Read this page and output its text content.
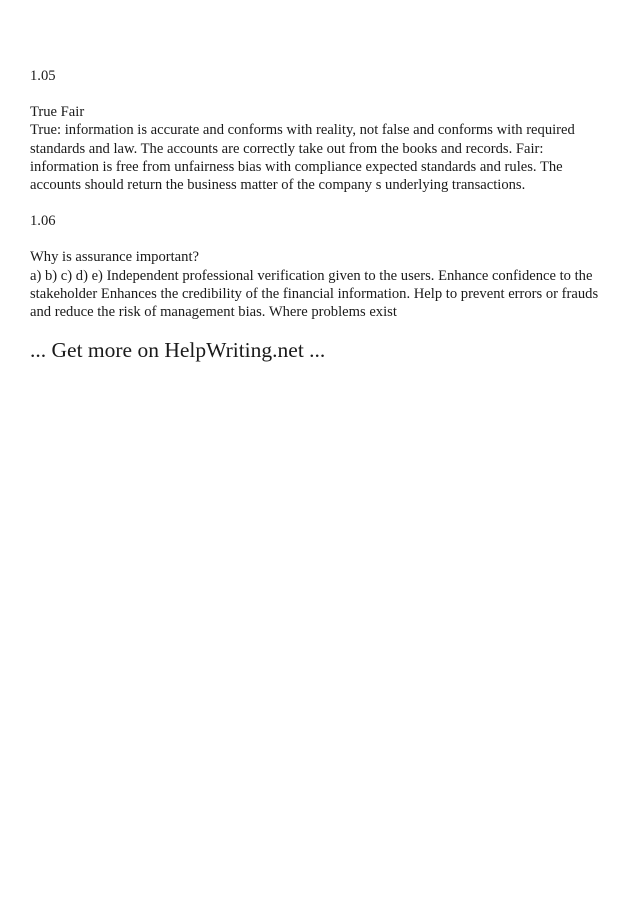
1.05

True Fair

True: information is accurate and conforms with reality, not false and conforms with required standards and law. The accounts are correctly take out from the books and records. Fair: information is free from unfairness bias with compliance expected standards and rules. The accounts should return the business matter of the company s underlying transactions.

1.06

Why is assurance important?

a) b) c) d) e) Independent professional verification given to the users. Enhance confidence to the stakeholder Enhances the credibility of the financial information. Help to prevent errors or frauds and reduce the risk of management bias. Where problems exist

... Get more on HelpWriting.net ...
